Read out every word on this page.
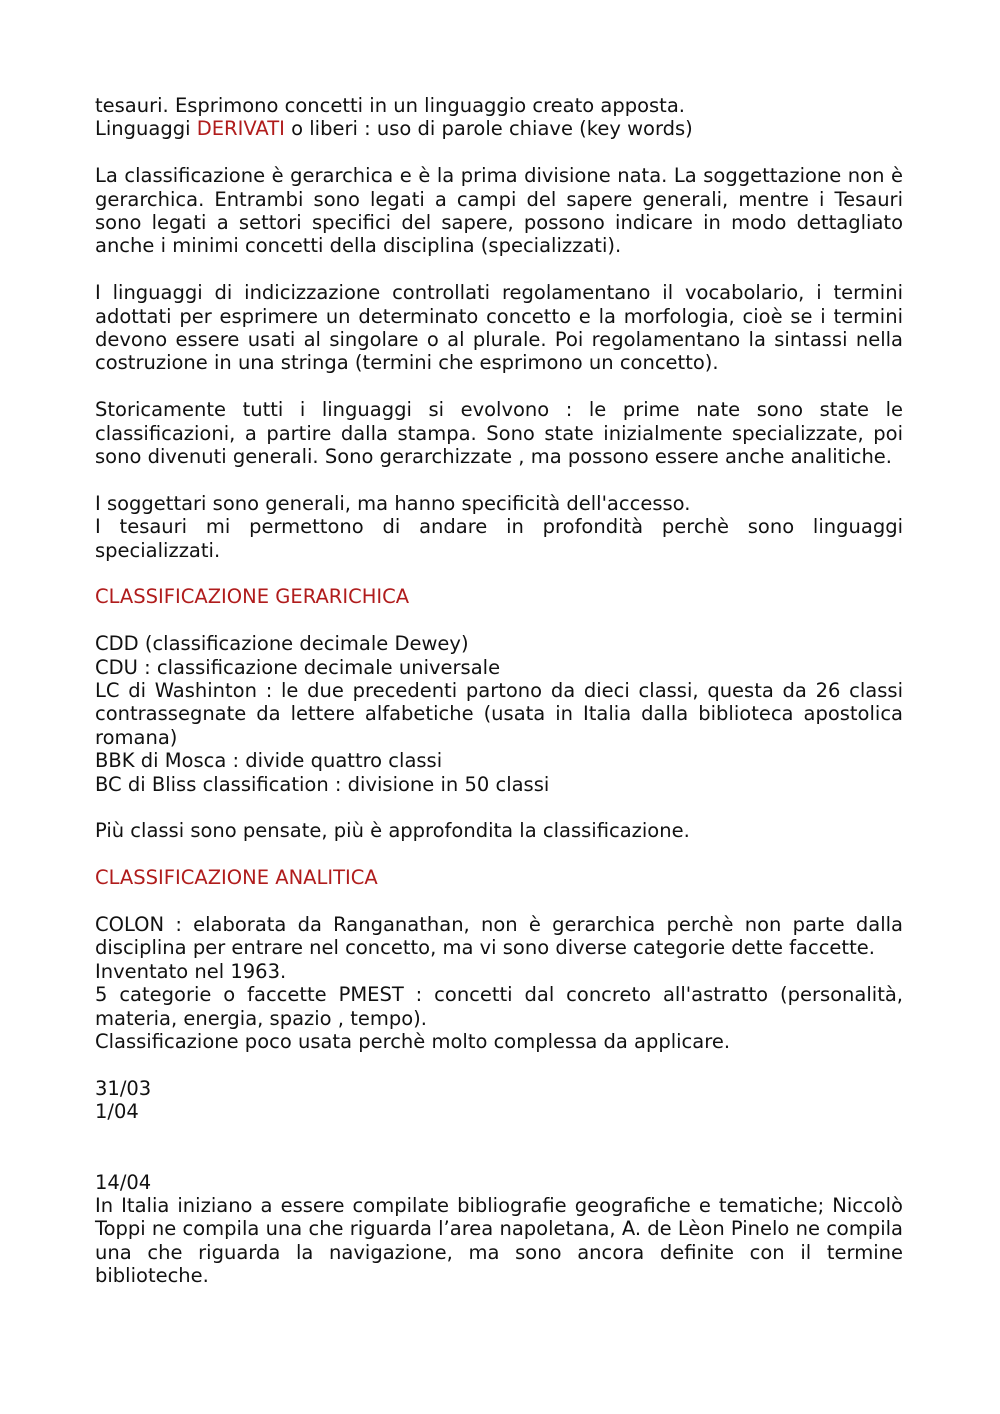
tesauri. Esprimono concetti in un linguaggio creato apposta.
Linguaggi DERIVATI o liberi : uso di parole chiave (key words)

La classificazione è gerarchica e è la prima divisione nata. La soggettazione non è gerarchica. Entrambi sono legati a campi del sapere generali, mentre i Tesauri sono legati a settori specifici del sapere, possono indicare in modo dettagliato anche i minimi concetti della disciplina (specializzati).

I linguaggi di indicizzazione controllati regolamentano il vocabolario, i termini adottati per esprimere un determinato concetto e la morfologia, cioè se i termini devono essere usati al singolare o al plurale. Poi regolamentano la sintassi nella costruzione in una stringa (termini che esprimono un concetto).

Storicamente tutti i linguaggi si evolvono : le prime nate sono state le classificazioni, a partire dalla stampa. Sono state inizialmente specializzate, poi sono divenuti generali. Sono gerarchizzate , ma possono essere anche analitiche.

I soggettari sono generali, ma hanno specificità dell'accesso.

I tesauri mi permettono di andare in profondità perchè sono linguaggi specializzati.

CLASSIFICAZIONE GERARICHICA
CDD (classificazione decimale Dewey)
CDU : classificazione decimale universale

LC di Washinton : le due precedenti partono da dieci classi, questa da 26 classi contrassegnate da lettere alfabetiche (usata in Italia dalla biblioteca apostolica romana)

BBK di Mosca : divide quattro classi
BC di Bliss classification : divisione in 50 classi
Più classi sono pensate, più è approfondita la classificazione.
CLASSIFICAZIONE ANALITICA

COLON : elaborata da Ranganathan, non è gerarchica perchè non parte dalla disciplina per entrare nel concetto, ma vi sono diverse categorie dette faccette.

Inventato nel 1963.

5 categorie o faccette PMEST : concetti dal concreto all'astratto (personalità, materia, energia, spazio , tempo).

Classificazione poco usata perchè molto complessa da applicare.
31/03
1/04
14/04

In Italia iniziano a essere compilate bibliografie geografiche e tematiche; Niccolò Toppi ne compila una che riguarda l’area napoletana, A. de Lèon Pinelo ne compila una che riguarda la navigazione, ma sono ancora definite con il termine biblioteche.
